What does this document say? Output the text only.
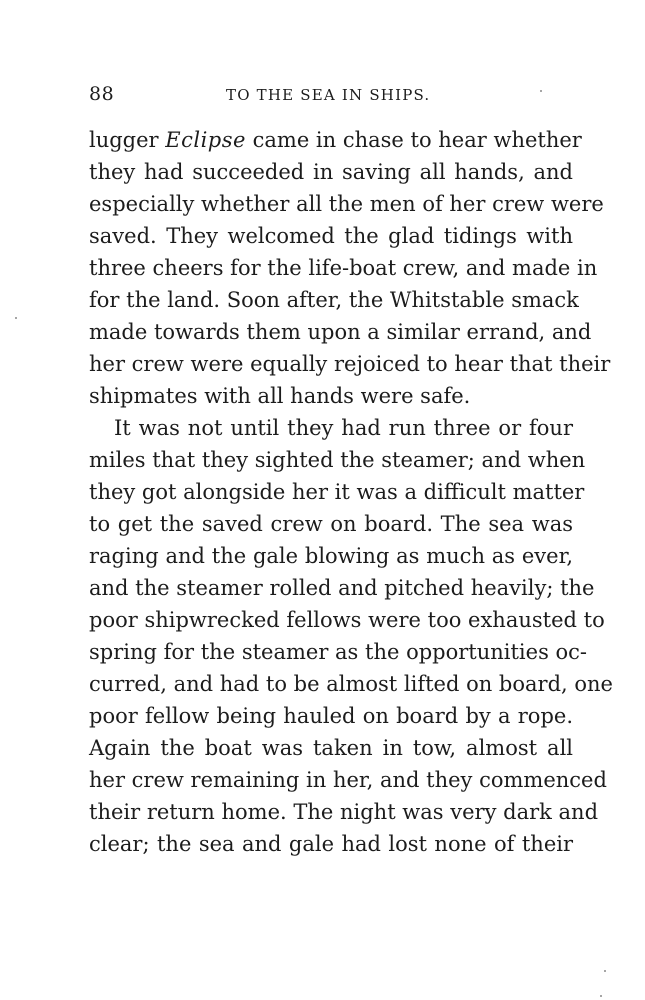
88	TO THE SEA IN SHIPS.
lugger Eclipse came in chase to hear whether
they had succeeded in saving all hands, and
especially whether all the men of her crew were
saved. They welcomed the glad tidings with
three cheers for the life-boat crew, and made in
for the land. Soon after, the Whitstable smack
made towards them upon a similar errand, and
her crew were equally rejoiced to hear that their
shipmates with all hands were safe.
It was not until they had run three or four
miles that they sighted the steamer; and when
they got alongside her it was a difficult matter
to get the saved crew on board. The sea was
raging and the gale blowing as much as ever,
and the steamer rolled and pitched heavily; the
poor shipwrecked fellows were too exhausted to
spring for the steamer as the opportunities oc-
curred, and had to be almost lifted on board, one
poor fellow being hauled on board by a rope.
Again the boat was taken in tow, almost all
her crew remaining in her, and they commenced
their return home. The night was very dark and
clear; the sea and gale had lost none of their
